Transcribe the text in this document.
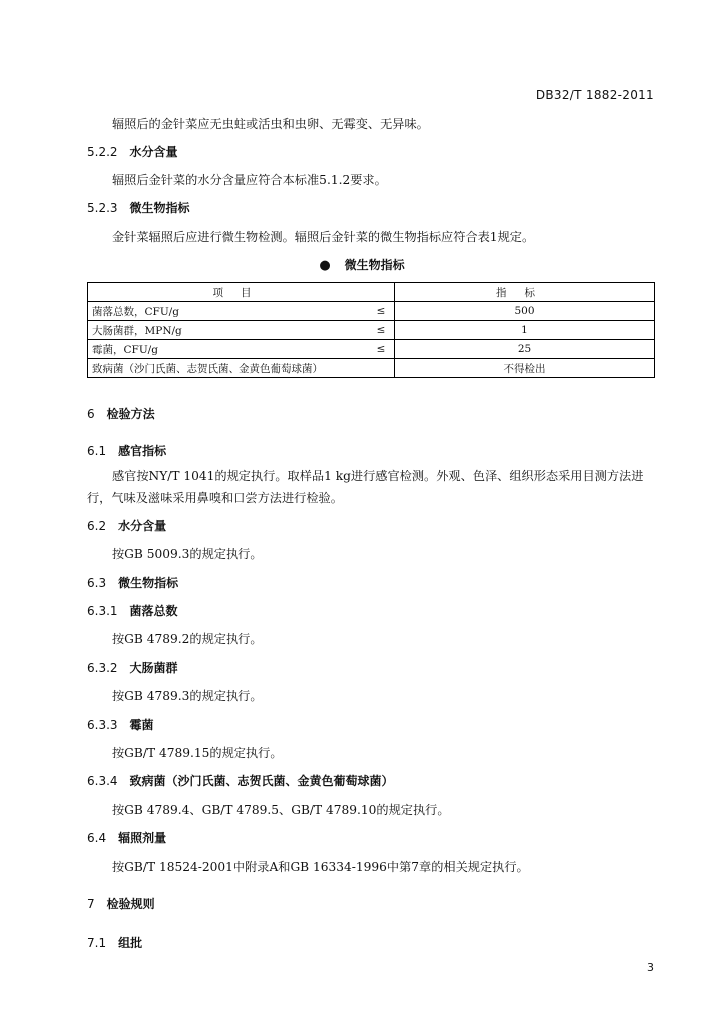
DB32/T 1882-2011
辐照后的金针菜应无虫蛀或活虫和虫卵、无霉变、无异味。
5.2.2 水分含量
辐照后金针菜的水分含量应符合本标准5.1.2要求。
5.2.3 微生物指标
金针菜辐照后应进行微生物检测。辐照后金针菜的微生物指标应符合表1规定。
● 微生物指标
项目		指标
菌落总数，CFU/g	≤	500
大肠菌群，MPN/g	≤	1
霉菌，CFU/g	≤	25
致病菌（沙门氏菌、志贺氏菌、金黄色葡萄球菌）		不得检出
6 检验方法
6.1 感官指标
感官按NY/T 1041的规定执行。取样品1 kg进行感官检测。外观、色泽、组织形态采用目测方法进行，气味及滋味采用鼻嗅和口尝方法进行检验。
6.2 水分含量
按GB 5009.3的规定执行。
6.3 微生物指标
6.3.1 菌落总数
按GB 4789.2的规定执行。
6.3.2 大肠菌群
按GB 4789.3的规定执行。
6.3.3 霉菌
按GB/T 4789.15的规定执行。
6.3.4 致病菌（沙门氏菌、志贺氏菌、金黄色葡萄球菌）
按GB 4789.4、GB/T 4789.5、GB/T 4789.10的规定执行。
6.4 辐照剂量
按GB/T 18524-2001中附录A和GB 16334-1996中第7章的相关规定执行。
7 检验规则
7.1 组批
3
